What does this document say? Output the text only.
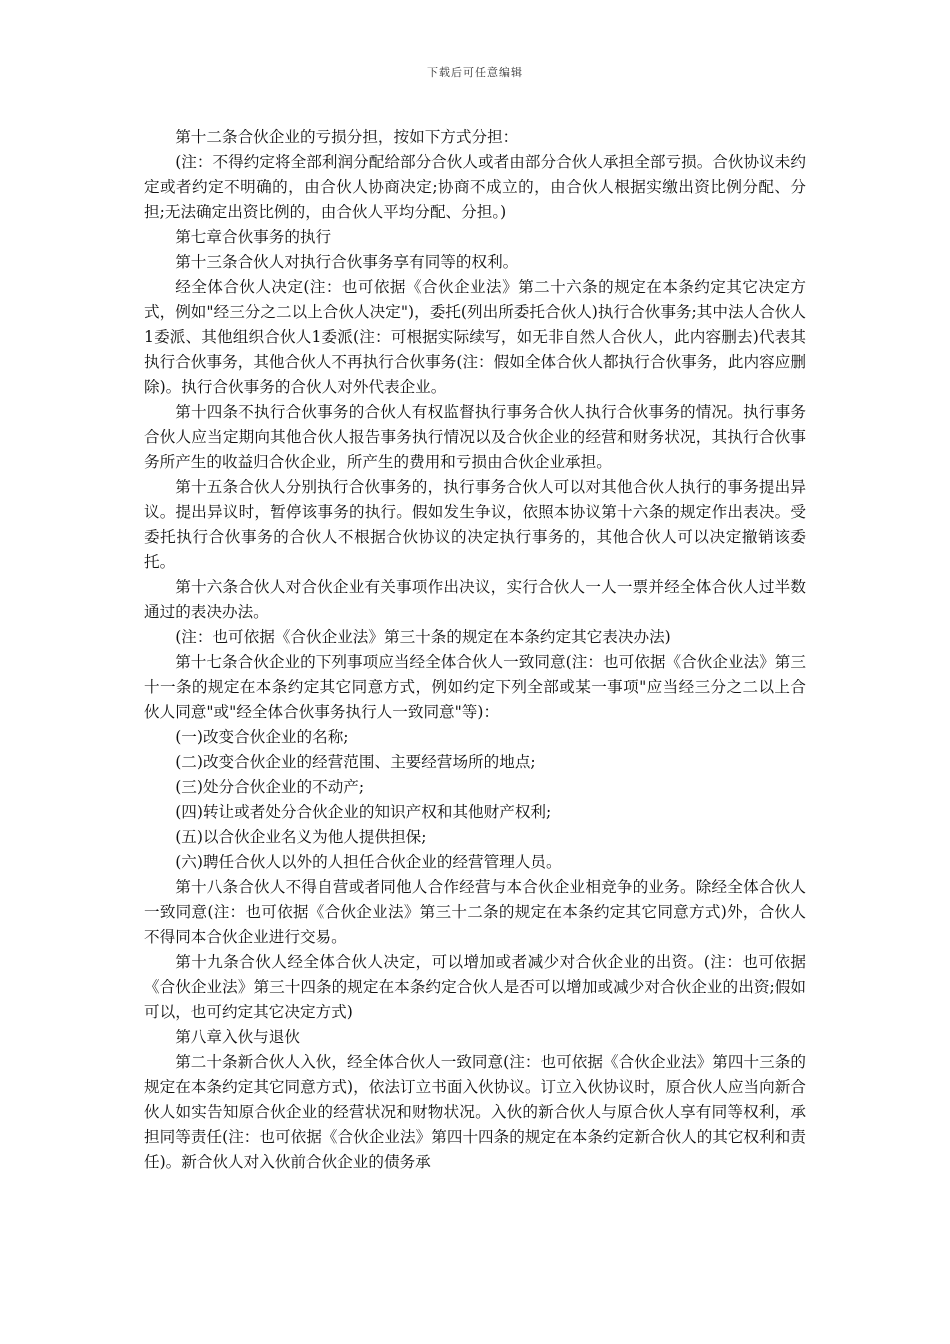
下载后可任意编辑

第十二条合伙企业的亏损分担，按如下方式分担：

(注：不得约定将全部利润分配给部分合伙人或者由部分合伙人承担全部亏损。合伙协议未约定或者约定不明确的，由合伙人协商决定;协商不成立的，由合伙人根据实缴出资比例分配、分担;无法确定出资比例的，由合伙人平均分配、分担。)

第七章合伙事务的执行

第十三条合伙人对执行合伙事务享有同等的权利。

经全体合伙人决定(注：也可依据《合伙企业法》第二十六条的规定在本条约定其它决定方式，例如"经三分之二以上合伙人决定")，委托(列出所委托合伙人)执行合伙事务;其中法人合伙人1委派、其他组织合伙人1委派(注：可根据实际续写，如无非自然人合伙人，此内容删去)代表其执行合伙事务，其他合伙人不再执行合伙事务(注：假如全体合伙人都执行合伙事务，此内容应删除)。执行合伙事务的合伙人对外代表企业。

第十四条不执行合伙事务的合伙人有权监督执行事务合伙人执行合伙事务的情况。执行事务合伙人应当定期向其他合伙人报告事务执行情况以及合伙企业的经营和财务状况，其执行合伙事务所产生的收益归合伙企业，所产生的费用和亏损由合伙企业承担。

第十五条合伙人分别执行合伙事务的，执行事务合伙人可以对其他合伙人执行的事务提出异议。提出异议时，暂停该事务的执行。假如发生争议，依照本协议第十六条的规定作出表决。受委托执行合伙事务的合伙人不根据合伙协议的决定执行事务的，其他合伙人可以决定撤销该委托。

第十六条合伙人对合伙企业有关事项作出决议，实行合伙人一人一票并经全体合伙人过半数通过的表决办法。

(注：也可依据《合伙企业法》第三十条的规定在本条约定其它表决办法)

第十七条合伙企业的下列事项应当经全体合伙人一致同意(注：也可依据《合伙企业法》第三十一条的规定在本条约定其它同意方式，例如约定下列全部或某一事项"应当经三分之二以上合伙人同意"或"经全体合伙事务执行人一致同意"等)：

(一)改变合伙企业的名称;

(二)改变合伙企业的经营范围、主要经营场所的地点;

(三)处分合伙企业的不动产;

(四)转让或者处分合伙企业的知识产权和其他财产权利;

(五)以合伙企业名义为他人提供担保;

(六)聘任合伙人以外的人担任合伙企业的经营管理人员。

第十八条合伙人不得自营或者同他人合作经营与本合伙企业相竞争的业务。除经全体合伙人一致同意(注：也可依据《合伙企业法》第三十二条的规定在本条约定其它同意方式)外，合伙人不得同本合伙企业进行交易。

第十九条合伙人经全体合伙人决定，可以增加或者减少对合伙企业的出资。(注：也可依据《合伙企业法》第三十四条的规定在本条约定合伙人是否可以增加或减少对合伙企业的出资;假如可以，也可约定其它决定方式)

第八章入伙与退伙

第二十条新合伙人入伙，经全体合伙人一致同意(注：也可依据《合伙企业法》第四十三条的规定在本条约定其它同意方式)，依法订立书面入伙协议。订立入伙协议时，原合伙人应当向新合伙人如实告知原合伙企业的经营状况和财物状况。入伙的新合伙人与原合伙人享有同等权利，承担同等责任(注：也可依据《合伙企业法》第四十四条的规定在本条约定新合伙人的其它权利和责任)。新合伙人对入伙前合伙企业的债务承
